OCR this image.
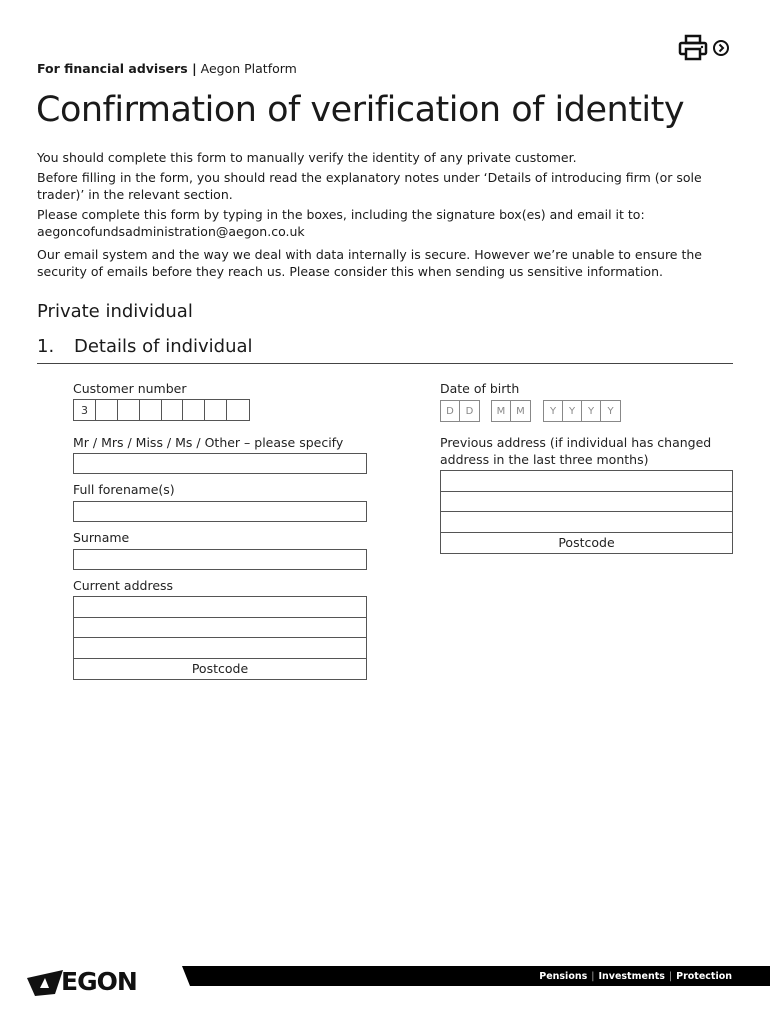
For financial advisers | Aegon Platform
Confirmation of verification of identity

You should complete this form to manually verify the identity of any private customer.

Before filling in the form, you should read the explanatory notes under ‘Details of introducing firm (or sole trader)’ in the relevant section.

Please complete this form by typing in the boxes, including the signature box(es) and email it to:

aegoncofundsadministration@aegon.co.uk

Our email system and the way we deal with data internally is secure. However we’re unable to ensure the security of emails before they reach us. Please consider this when sending us sensitive information.

Private individual
1. Details of individual
Customer number
3
Mr / Mrs / Miss / Ms / Other – please specify
Full forename(s)
Surname
Current address
Postcode
Date of birth
D	D	M	M	Y	Y	Y	Y
Previous address (if individual has changed address in the last three months)
Postcode
EGON	Pensions | Investments | Protection
